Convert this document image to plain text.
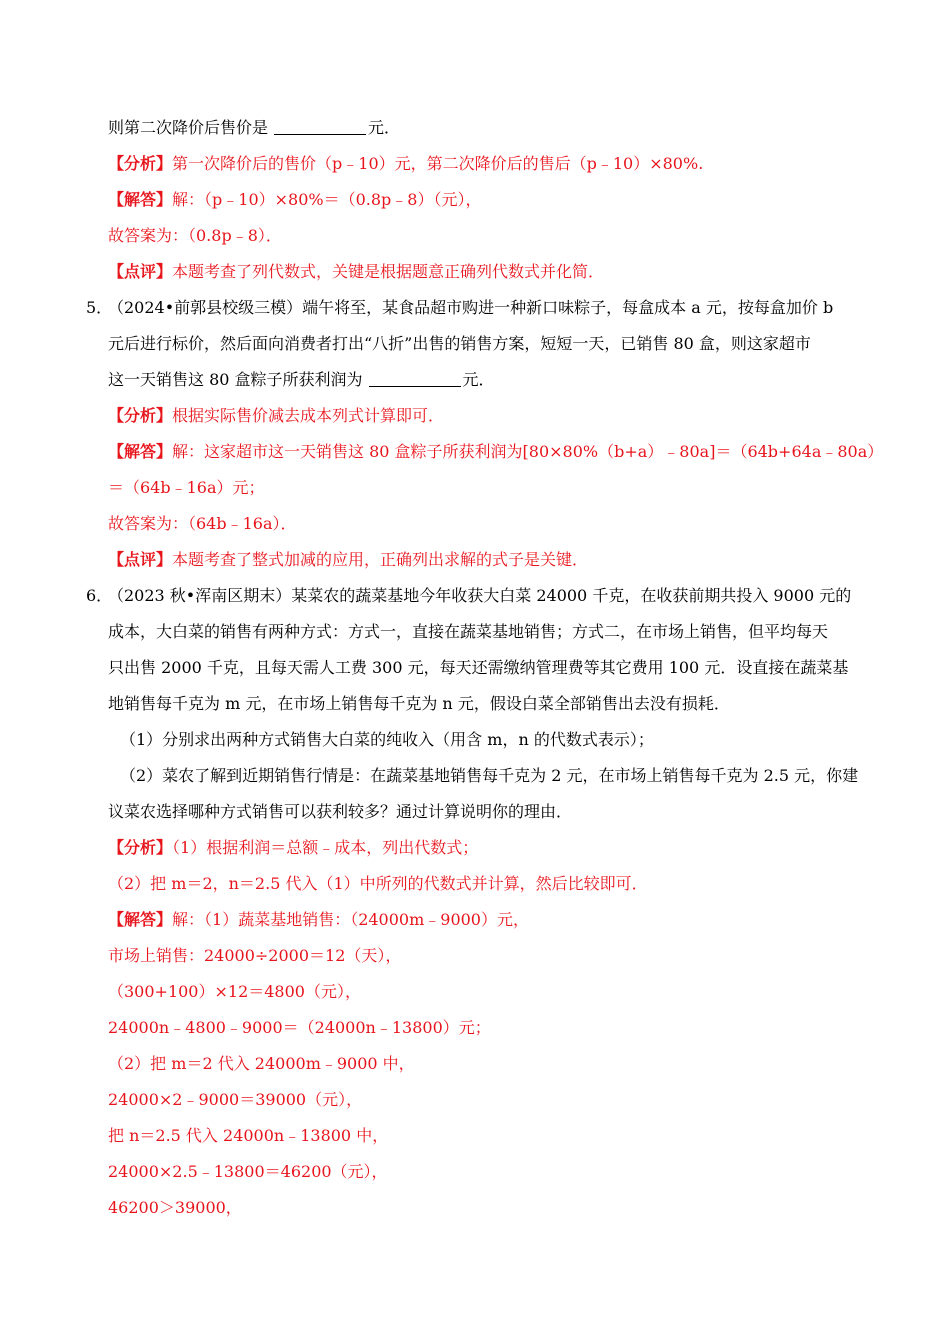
则第二次降价后售价是	元．
【分析】第一次降价后的售价（p﹣10）元，第二次降价后的售后（p﹣10）×80%.
【解答】解：（p﹣10）×80%＝（0.8p﹣8）（元），
故答案为：（0.8p﹣8）．
【点评】本题考查了列代数式，关键是根据题意正确列代数式并化简．
5．
（2024•前郭县校级三模）端午将至，某食品超市购进一种新口味粽子，每盒成本 a 元，按每盒加价 b
元后进行标价，然后面向消费者打出“八折”出售的销售方案，短短一天，已销售 80 盒，则这家超市
这一天销售这 80 盒粽子所获利润为	元．
【分析】根据实际售价减去成本列式计算即可．
【解答】解：这家超市这一天销售这 80 盒粽子所获利润为[80×80%（b+a）﹣80a]＝（64b+64a﹣80a）
＝（64b﹣16a）元；
故答案为：（64b﹣16a）．
【点评】本题考查了整式加减的应用，正确列出求解的式子是关键．
6．
（2023 秋•浑南区期末）某菜农的蔬菜基地今年收获大白菜 24000 千克，在收获前期共投入 9000 元的
成本，大白菜的销售有两种方式：方式一，直接在蔬菜基地销售；方式二，在市场上销售，但平均每天
只出售 2000 千克，且每天需人工费 300 元，每天还需缴纳管理费等其它费用 100 元．设直接在蔬菜基
地销售每千克为 m 元，在市场上销售每千克为 n 元，假设白菜全部销售出去没有损耗．
（1）分别求出两种方式销售大白菜的纯收入（用含 m，n 的代数式表示）；
（2）菜农了解到近期销售行情是：在蔬菜基地销售每千克为 2 元，在市场上销售每千克为 2.5 元，你建
议菜农选择哪种方式销售可以获利较多？通过计算说明你的理由．
【分析】（1）根据利润＝总额﹣成本，列出代数式；
（2）把 m＝2，n＝2.5 代入（1）中所列的代数式并计算，然后比较即可．
【解答】解：（1）蔬菜基地销售：（24000m﹣9000）元，
市场上销售：24000÷2000＝12（天），
（300+100）×12＝4800（元），
24000n﹣4800﹣9000＝（24000n﹣13800）元；
（2）把 m＝2 代入 24000m﹣9000 中，
24000×2﹣9000＝39000（元），
把 n＝2.5 代入 24000n﹣13800 中，
24000×2.5﹣13800＝46200（元），
46200＞39000，
